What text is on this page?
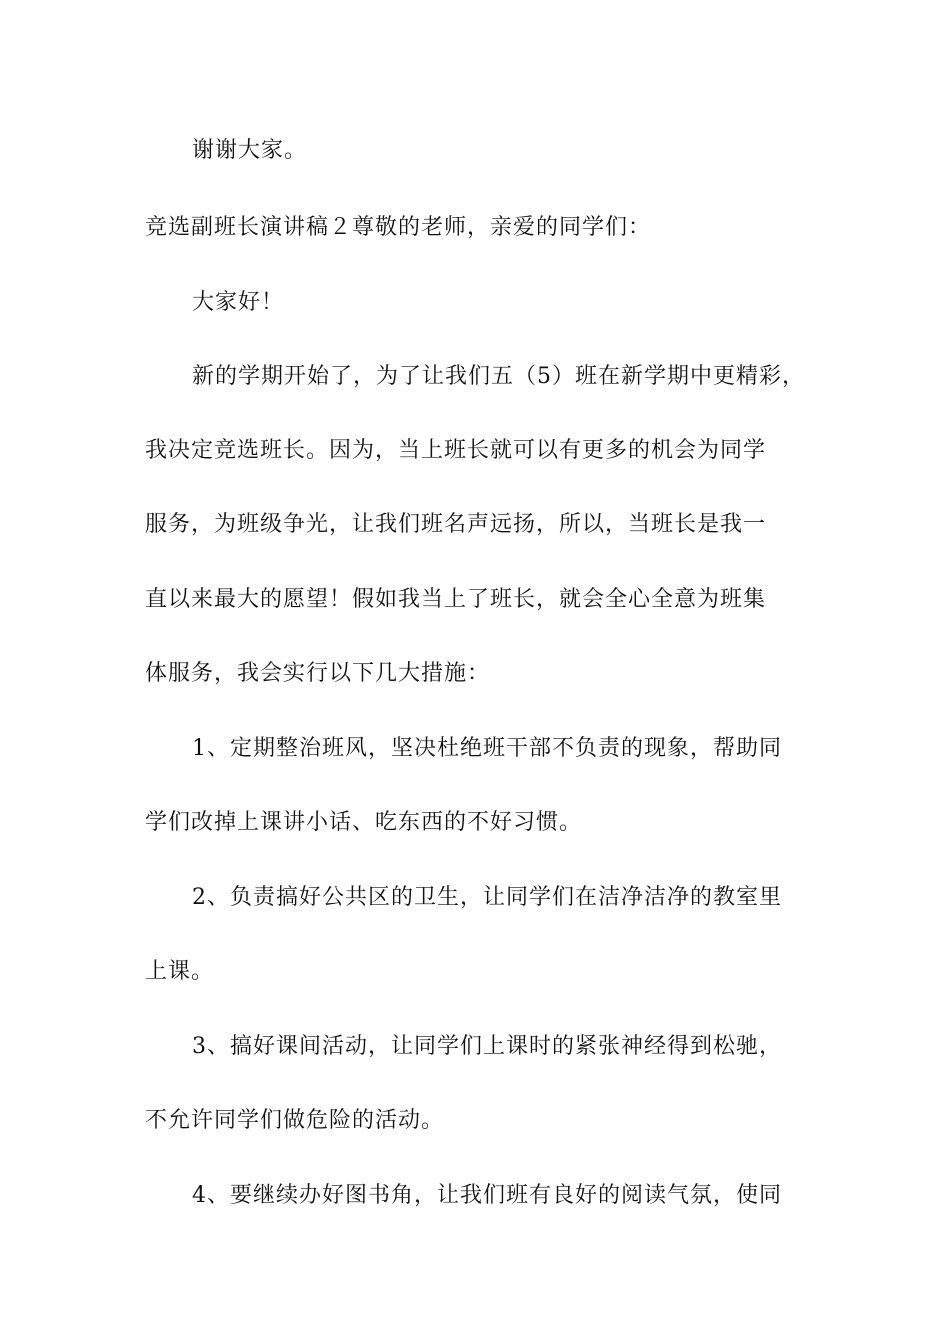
谢谢大家。
竞选副班长演讲稿２尊敬的老师，亲爱的同学们：
大家好！
新的学期开始了，为了让我们五（5）班在新学期中更精彩，
我决定竞选班长。因为，当上班长就可以有更多的机会为同学
服务，为班级争光，让我们班名声远扬，所以，当班长是我一
直以来最大的愿望！假如我当上了班长，就会全心全意为班集
体服务，我会实行以下几大措施：
1、定期整治班风，坚决杜绝班干部不负责的现象，帮助同
学们改掉上课讲小话、吃东西的不好习惯。
2、负责搞好公共区的卫生，让同学们在洁净洁净的教室里
上课。
3、搞好课间活动，让同学们上课时的紧张神经得到松驰，
不允许同学们做危险的活动。
4、要继续办好图书角，让我们班有良好的阅读气氛，使同
